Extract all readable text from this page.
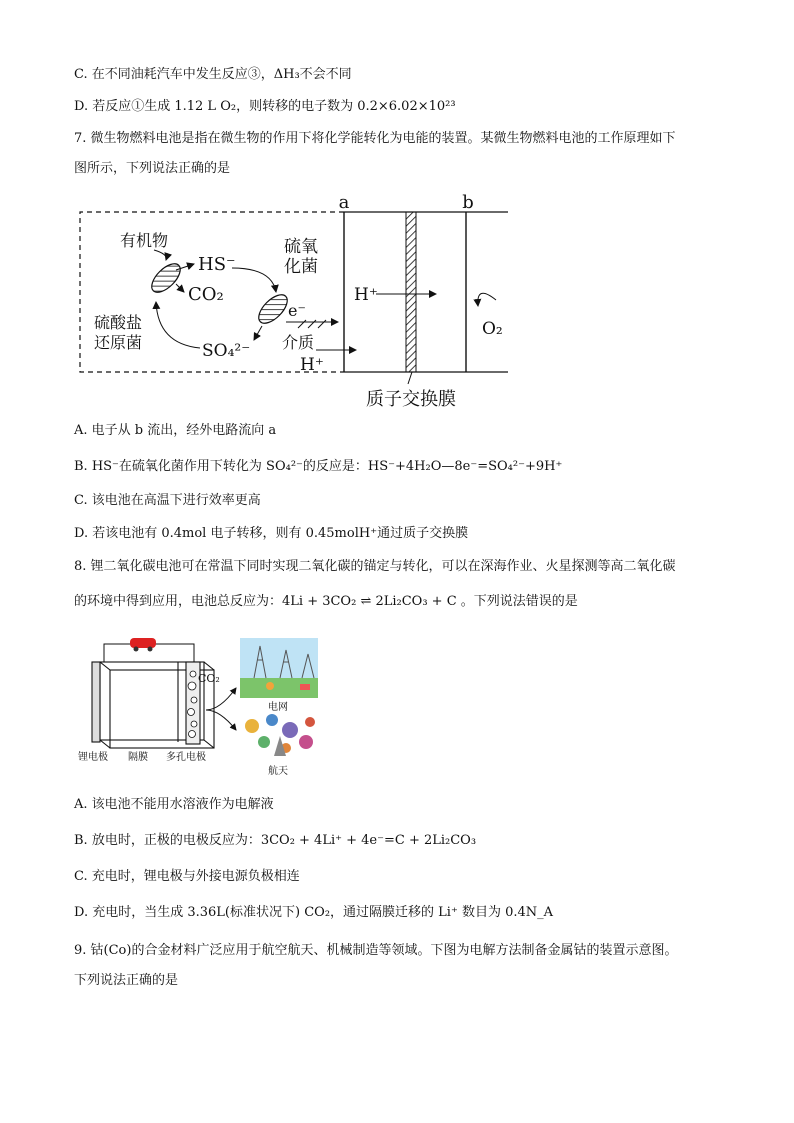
C. 在不同油耗汽车中发生反应③，ΔH₃不会不同
D. 若反应①生成 1.12 L O₂，则转移的电子数为 0.2×6.02×10²³
7. 微生物燃料电池是指在微生物的作用下将化学能转化为电能的装置。某微生物燃料电池的工作原理如下
图所示，下列说法正确的是
a	b
有机物
HS⁻
CO₂
硫氧
化菌
硫酸盐
还原菌
e⁻
SO₄²⁻ 介质
H⁺
H⁺
O₂
质子交换膜
A. 电子从 b 流出，经外电路流向 a
B. HS⁻在硫氧化菌作用下转化为 SO₄²⁻的反应是：HS⁻+4H₂O—8e⁻=SO₄²⁻+9H⁺
C. 该电池在高温下进行效率更高
D. 若该电池有 0.4mol 电子转移，则有 0.45molH⁺通过质子交换膜
8. 锂二氧化碳电池可在常温下同时实现二氧化碳的锚定与转化，可以在深海作业、火星探测等高二氧化碳
的环境中得到应用，电池总反应为：4Li + 3CO₂ ⇌ 2Li₂CO₃ + C 。下列说法错误的是
CO₂
锂电极 隔膜 多孔电极
电网
航天
A. 该电池不能用水溶液作为电解液
B. 放电时，正极的电极反应为：3CO₂ + 4Li⁺ + 4e⁻=C + 2Li₂CO₃
C. 充电时，锂电极与外接电源负极相连
D. 充电时，当生成 3.36L(标准状况下) CO₂，通过隔膜迁移的 Li⁺ 数目为 0.4N_A
9. 钴(Co)的合金材料广泛应用于航空航天、机械制造等领域。下图为电解方法制备金属钴的装置示意图。
下列说法正确的是
